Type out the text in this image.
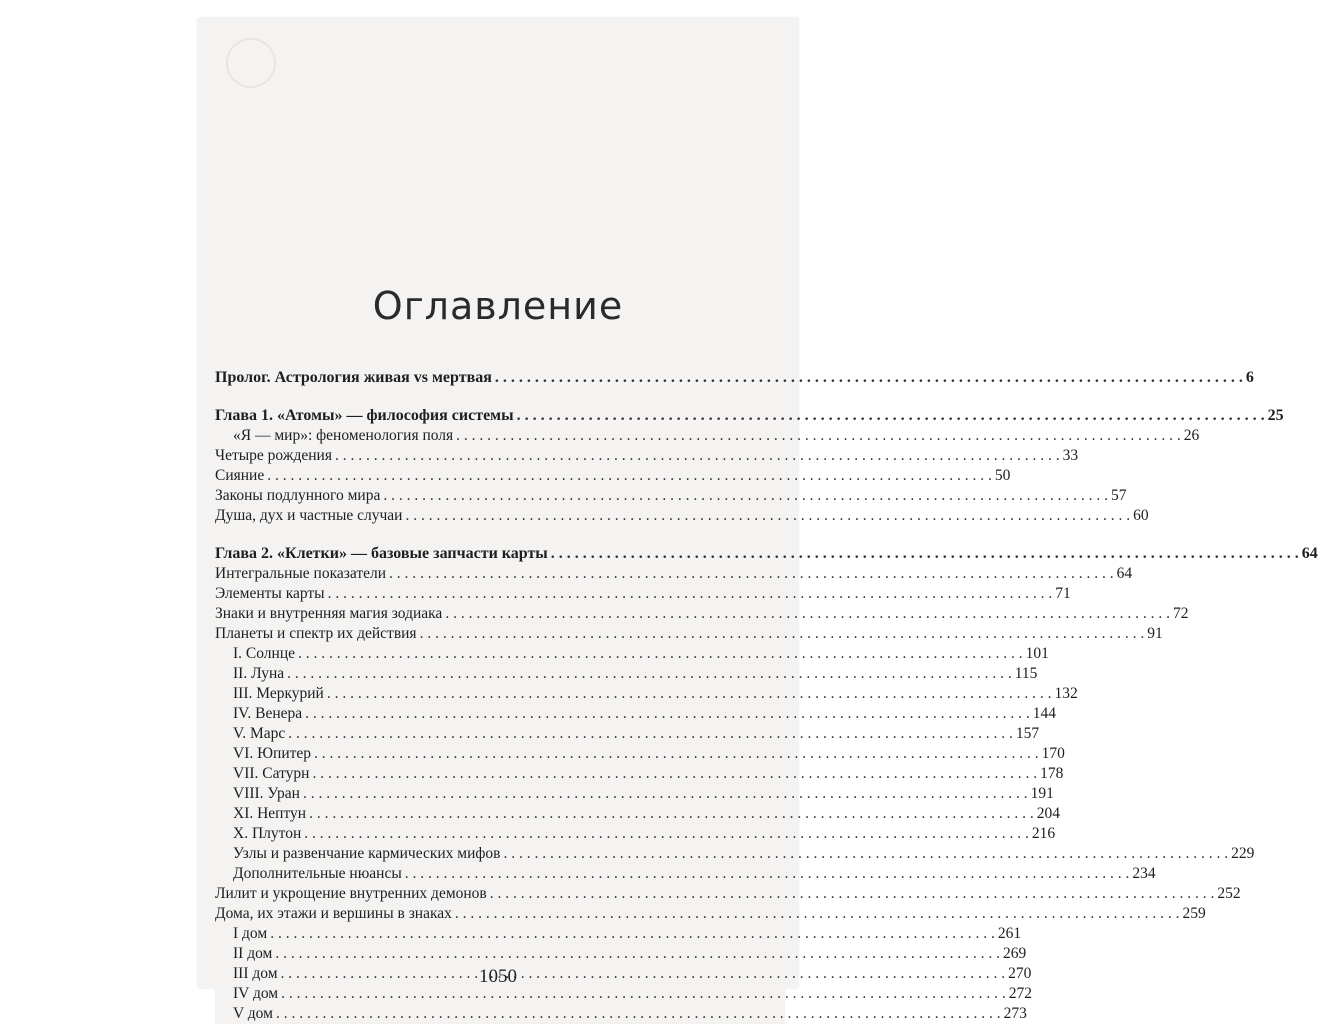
Оглавление
Пролог. Астрология живая vs мертвая . . .	6
Глава 1. «Атомы» — философия системы . . .	25
«Я — мир»: феноменология поля . . .	26
Четыре рождения . . .	33
Сияние . . .	50
Законы подлунного мира . . .	57
Душа, дух и частные случаи . . .	60
Глава 2. «Клетки» — базовые запчасти карты . . .	64
Интегральные показатели . . .	64
Элементы карты . . .	71
Знаки и внутренняя магия зодиака . . .	72
Планеты и спектр их действия . . .	91
I. Солнце . . .	101
II. Луна . . .	115
III. Меркурий . . .	132
IV. Венера . . .	144
V. Марс . . .	157
VI. Юпитер . . .	170
VII. Сатурн . . .	178
VIII. Уран . . .	191
XI. Нептун . . .	204
X. Плутон . . .	216
Узлы и развенчание кармических мифов . . .	229
Дополнительные нюансы . . .	234
Лилит и укрощение внутренних демонов . . .	252
Дома, их этажи и вершины в знаках . . .	259
I дом . . .	261
II дом . . .	269
III дом . . .	270
IV дом . . .	272
V дом . . .	273
1050
